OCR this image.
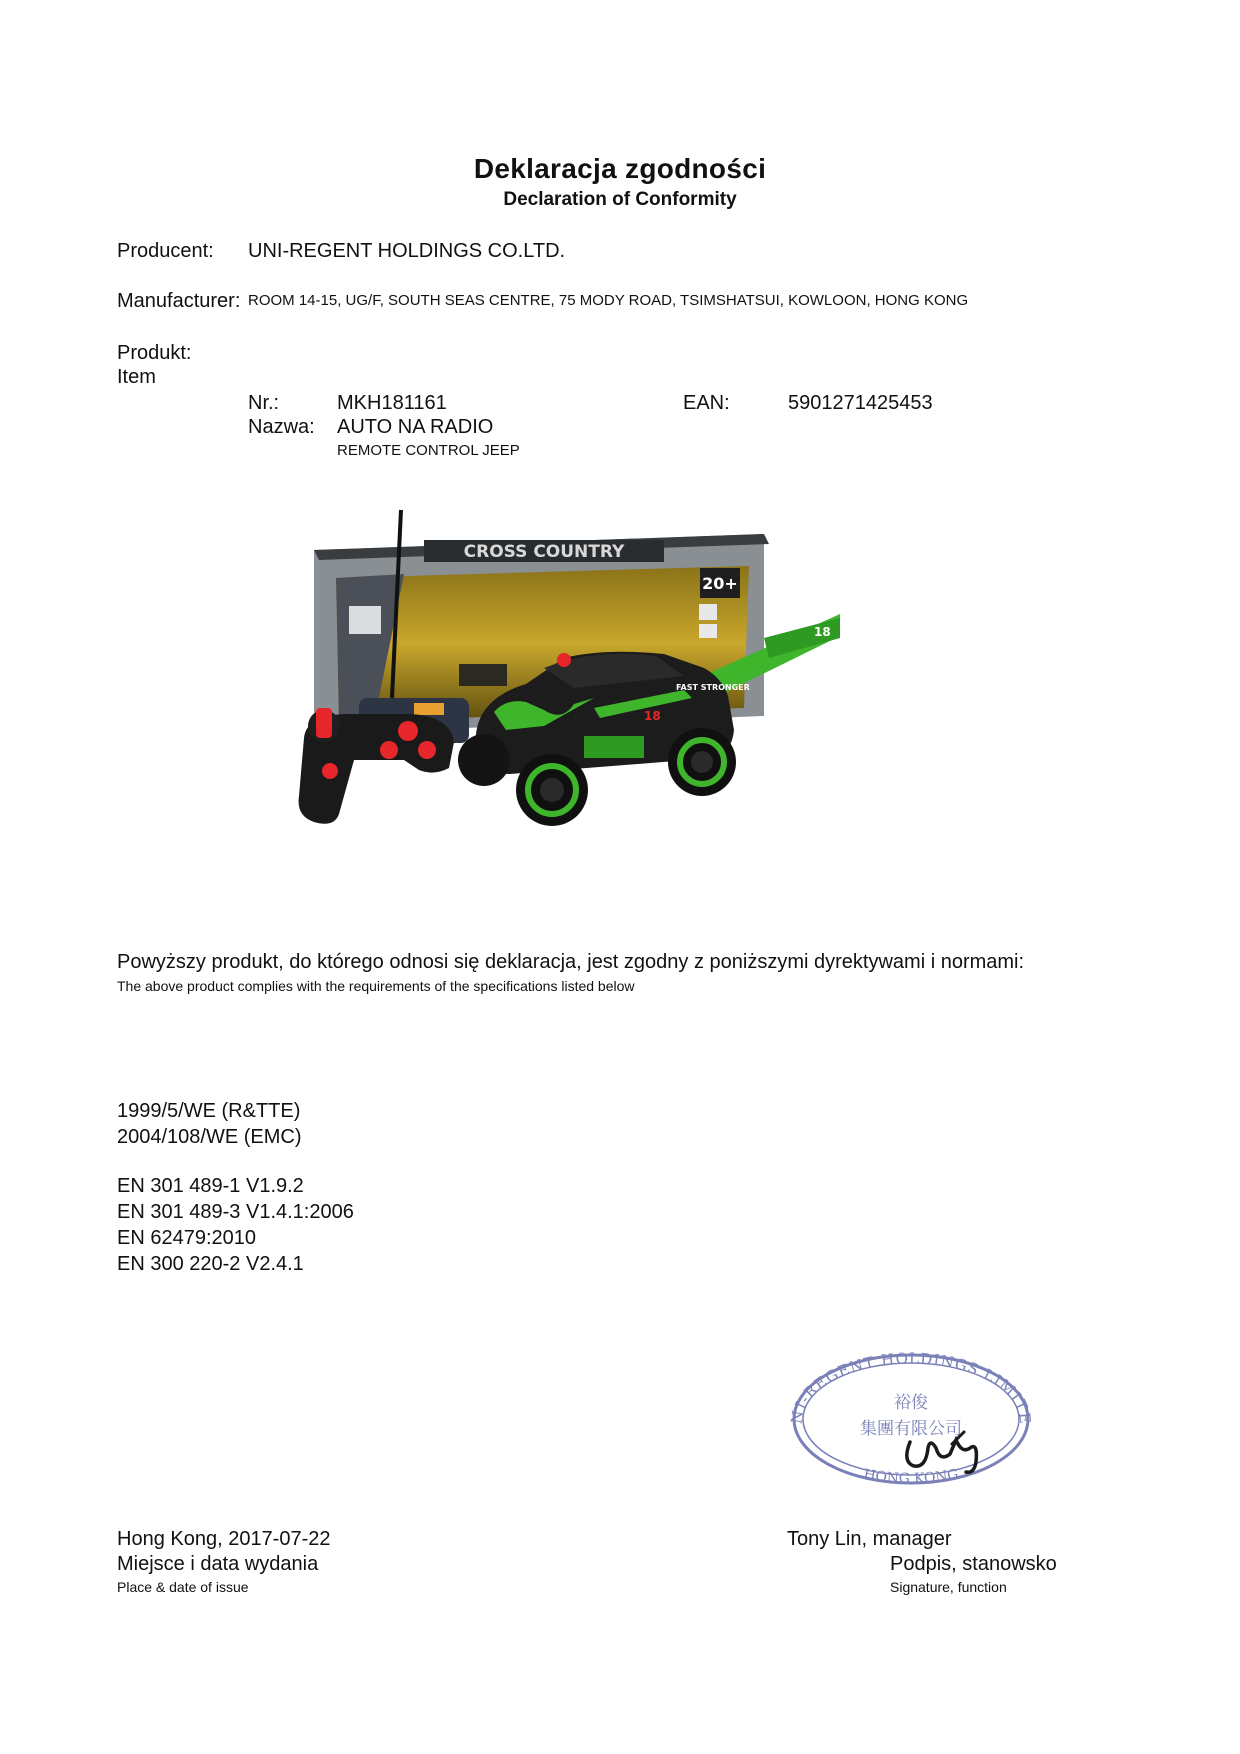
Deklaracja zgodności
Declaration of Conformity
Producent: UNI-REGENT HOLDINGS CO.LTD.
Manufacturer: ROOM 14-15, UG/F, SOUTH SEAS CENTRE, 75 MODY ROAD, TSIMSHATSUI, KOWLOON, HONG KONG
Produkt:
Item
Nr.:	MKH181161	EAN:	5901271425453
Nazwa: AUTO NA RADIO
REMOTE CONTROL JEEP
CROSS COUNTRY
20+
18
18
FAST STRONGER
Powyższy produkt, do którego odnosi się deklaracja, jest zgodny z poniższymi dyrektywami i normami:
The above product complies with the requirements of the specifications listed below
1999/5/WE (R&TTE)
2004/108/WE (EMC)
EN 301 489-1 V1.9.2
EN 301 489-3 V1.4.1:2006
EN 62479:2010
EN 300 220-2 V2.4.1
NI-REGENT HOLDINGS LIMITE
HONG KONG
裕俊
集團有限公司
Hong Kong, 2017-07-22
Miejsce i data wydania
Place & date of issue
Tony Lin, manager
Podpis, stanowsko
Signature, function
